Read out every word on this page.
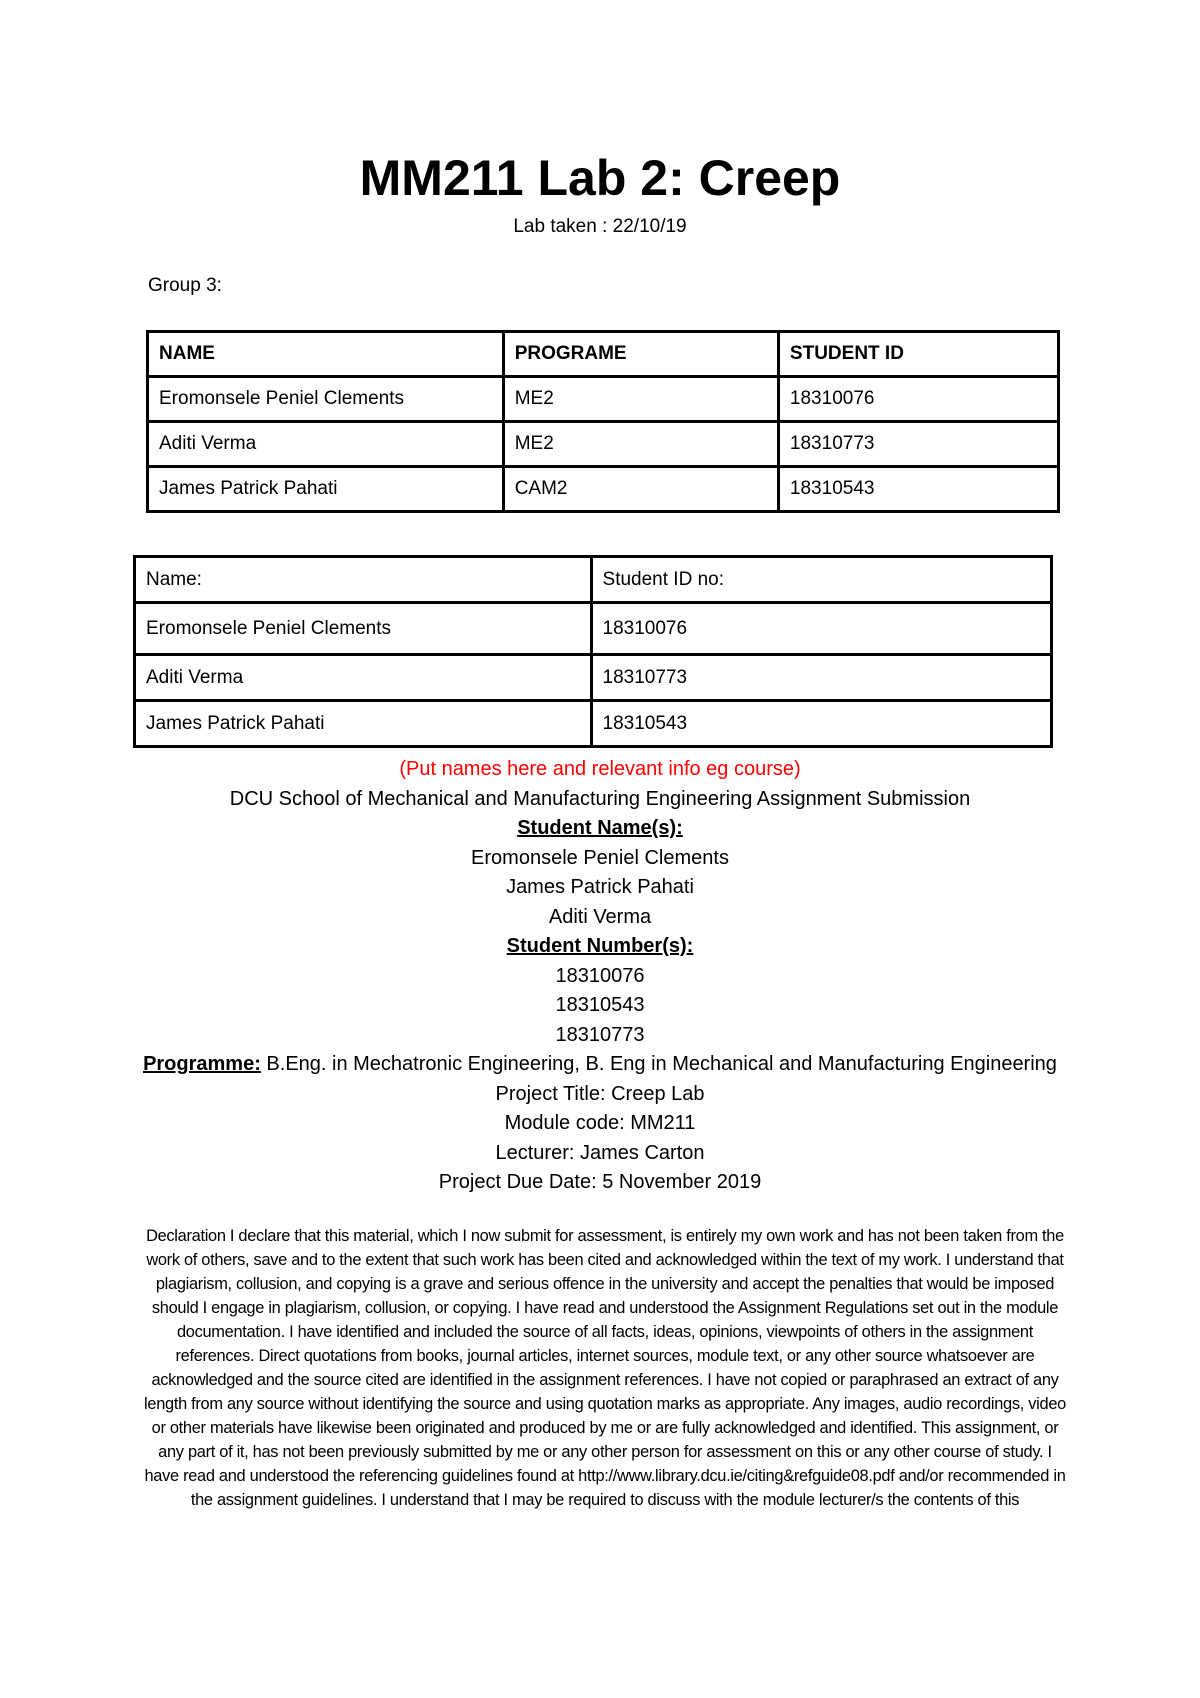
MM211 Lab 2: Creep
Lab taken : 22/10/19
Group 3:
NAME	PROGRAME	STUDENT ID
Eromonsele Peniel Clements	ME2	18310076
Aditi Verma	ME2	18310773
James Patrick Pahati	CAM2	18310543
Name:	Student ID no:
Eromonsele Peniel Clements	18310076
Aditi Verma	18310773
James Patrick Pahati	18310543
(Put names here and relevant info eg course)
DCU School of Mechanical and Manufacturing Engineering Assignment Submission
Student Name(s):
Eromonsele Peniel Clements
James Patrick Pahati
Aditi Verma
Student Number(s):
18310076
18310543
18310773
Programme: B.Eng. in Mechatronic Engineering, B. Eng in Mechanical and Manufacturing Engineering
Project Title: Creep Lab
Module code: MM211
Lecturer: James Carton
Project Due Date: 5 November 2019
Declaration I declare that this material, which I now submit for assessment, is entirely my own work and has not been taken from the work of others, save and to the extent that such work has been cited and acknowledged within the text of my work. I understand that plagiarism, collusion, and copying is a grave and serious offence in the university and accept the penalties that would be imposed should I engage in plagiarism, collusion, or copying. I have read and understood the Assignment Regulations set out in the module documentation. I have identified and included the source of all facts, ideas, opinions, viewpoints of others in the assignment references. Direct quotations from books, journal articles, internet sources, module text, or any other source whatsoever are acknowledged and the source cited are identified in the assignment references. I have not copied or paraphrased an extract of any length from any source without identifying the source and using quotation marks as appropriate. Any images, audio recordings, video or other materials have likewise been originated and produced by me or are fully acknowledged and identified. This assignment, or any part of it, has not been previously submitted by me or any other person for assessment on this or any other course of study. I have read and understood the referencing guidelines found at http://www.library.dcu.ie/citing&refguide08.pdf and/or recommended in the assignment guidelines. I understand that I may be required to discuss with the module lecturer/s the contents of this
